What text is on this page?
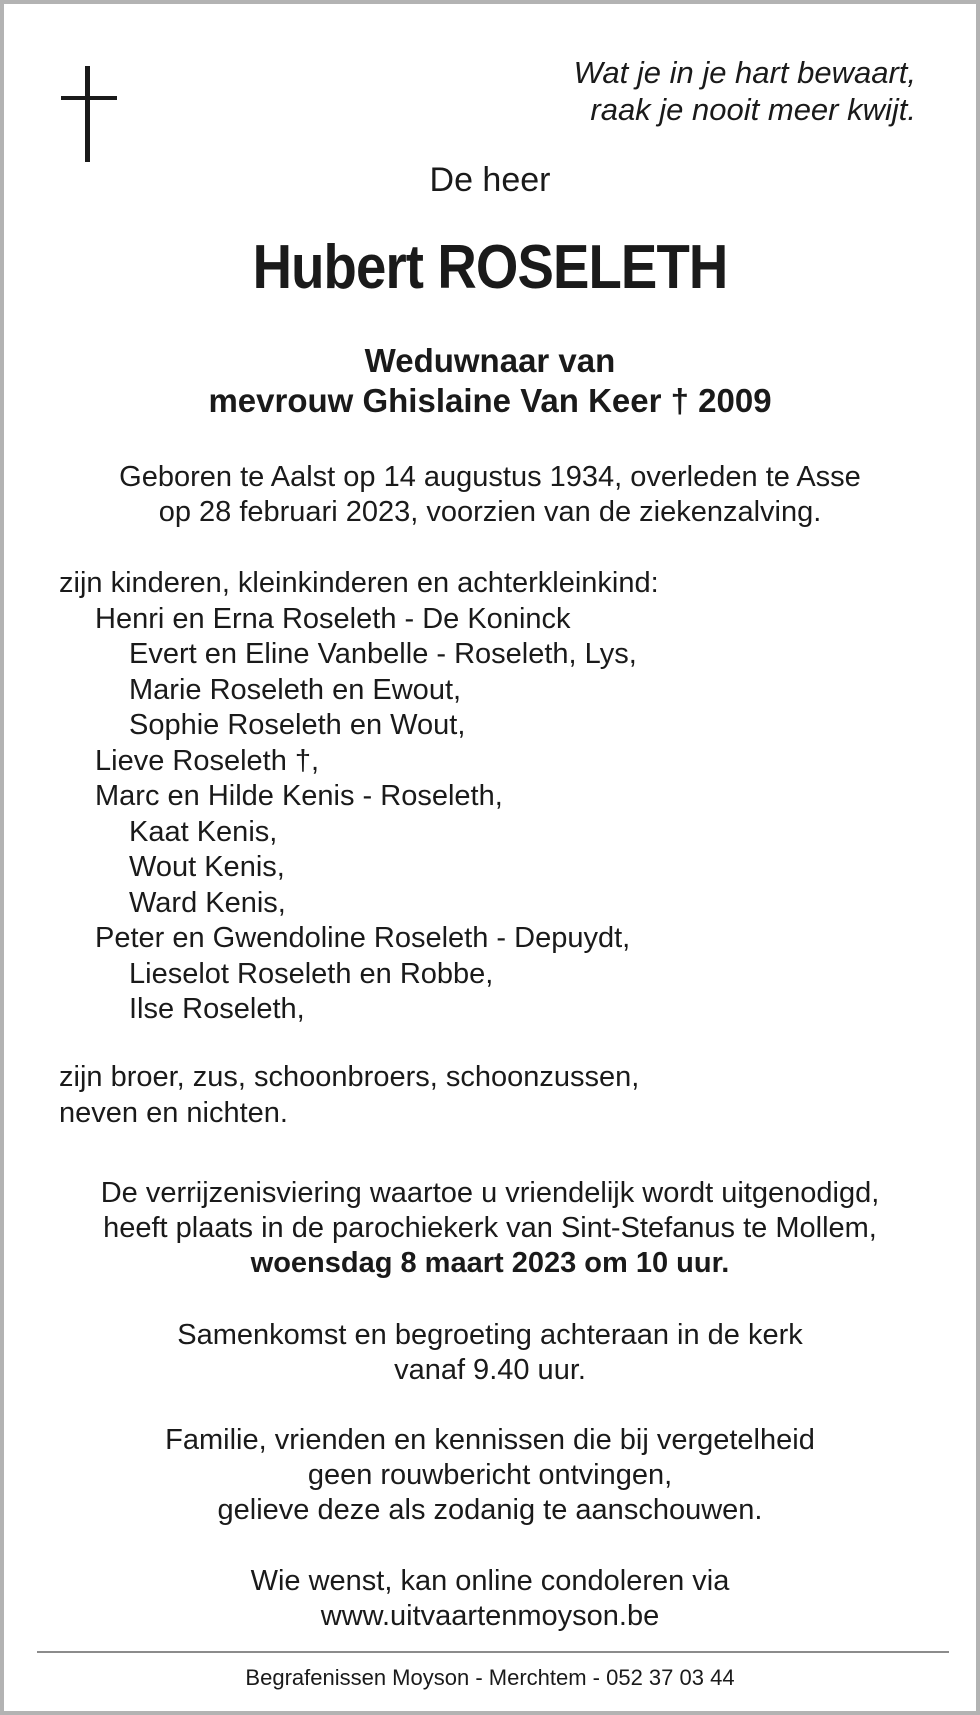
Wat je in je hart bewaart,
raak je nooit meer kwijt.
De heer
Hubert ROSELETH
Weduwnaar van
mevrouw Ghislaine Van Keer † 2009
Geboren te Aalst op 14 augustus 1934, overleden te Asse
op 28 februari 2023, voorzien van de ziekenzalving.
zijn kinderen, kleinkinderen en achterkleinkind:
Henri en Erna Roseleth - De Koninck
Evert en Eline Vanbelle - Roseleth, Lys,
Marie Roseleth en Ewout,
Sophie Roseleth en Wout,
Lieve Roseleth †,
Marc en Hilde Kenis - Roseleth,
Kaat Kenis,
Wout Kenis,
Ward Kenis,
Peter en Gwendoline Roseleth - Depuydt,
Lieselot Roseleth en Robbe,
Ilse Roseleth,
zijn broer, zus, schoonbroers, schoonzussen,
neven en nichten.
De verrijzenisviering waartoe u vriendelijk wordt uitgenodigd,
heeft plaats in de parochiekerk van Sint-Stefanus te Mollem,
woensdag 8 maart 2023 om 10 uur.
Samenkomst en begroeting achteraan in de kerk
vanaf 9.40 uur.
Familie, vrienden en kennissen die bij vergetelheid
geen rouwbericht ontvingen,
gelieve deze als zodanig te aanschouwen.
Wie wenst, kan online condoleren via
www.uitvaartenmoyson.be
Begrafenissen Moyson - Merchtem - 052 37 03 44
